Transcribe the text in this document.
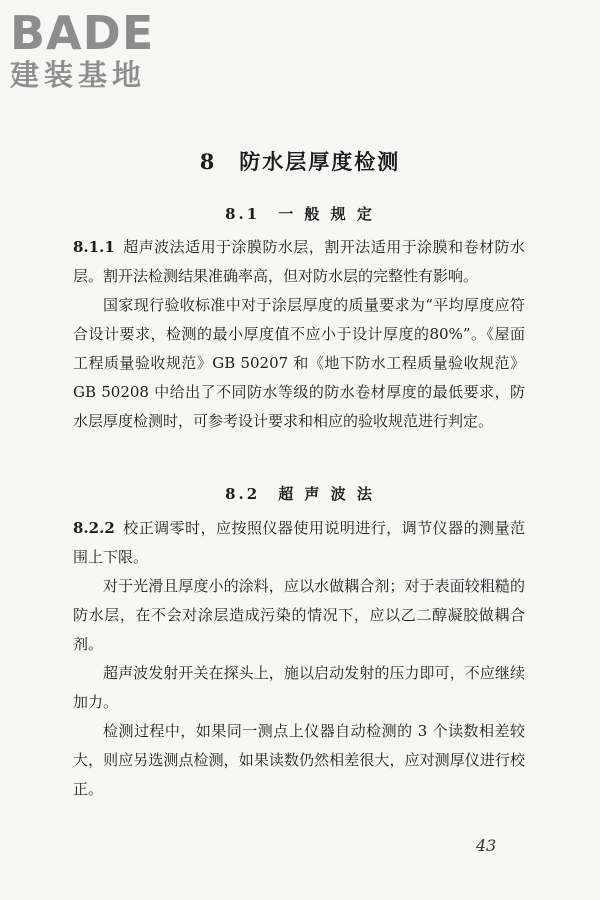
BADE
建装基地
8　防水层厚度检测
8.1　一 般 规 定

8.1.1 超声波法适用于涂膜防水层，割开法适用于涂膜和卷材防水层。割开法检测结果准确率高，但对防水层的完整性有影响。

国家现行验收标准中对于涂层厚度的质量要求为“平均厚度应符合设计要求，检测的最小厚度值不应小于设计厚度的80%”。《屋面工程质量验收规范》GB 50207 和《地下防水工程质量验收规范》GB 50208 中给出了不同防水等级的防水卷材厚度的最低要求，防水层厚度检测时，可参考设计要求和相应的验收规范进行判定。

8.2　超 声 波 法

8.2.2 校正调零时，应按照仪器使用说明进行，调节仪器的测量范围上下限。

对于光滑且厚度小的涂料，应以水做耦合剂；对于表面较粗糙的防水层，在不会对涂层造成污染的情况下，应以乙二醇凝胶做耦合剂。

超声波发射开关在探头上，施以启动发射的压力即可，不应继续加力。

检测过程中，如果同一测点上仪器自动检测的 3 个读数相差较大，则应另选测点检测，如果读数仍然相差很大，应对测厚仪进行校正。

43
